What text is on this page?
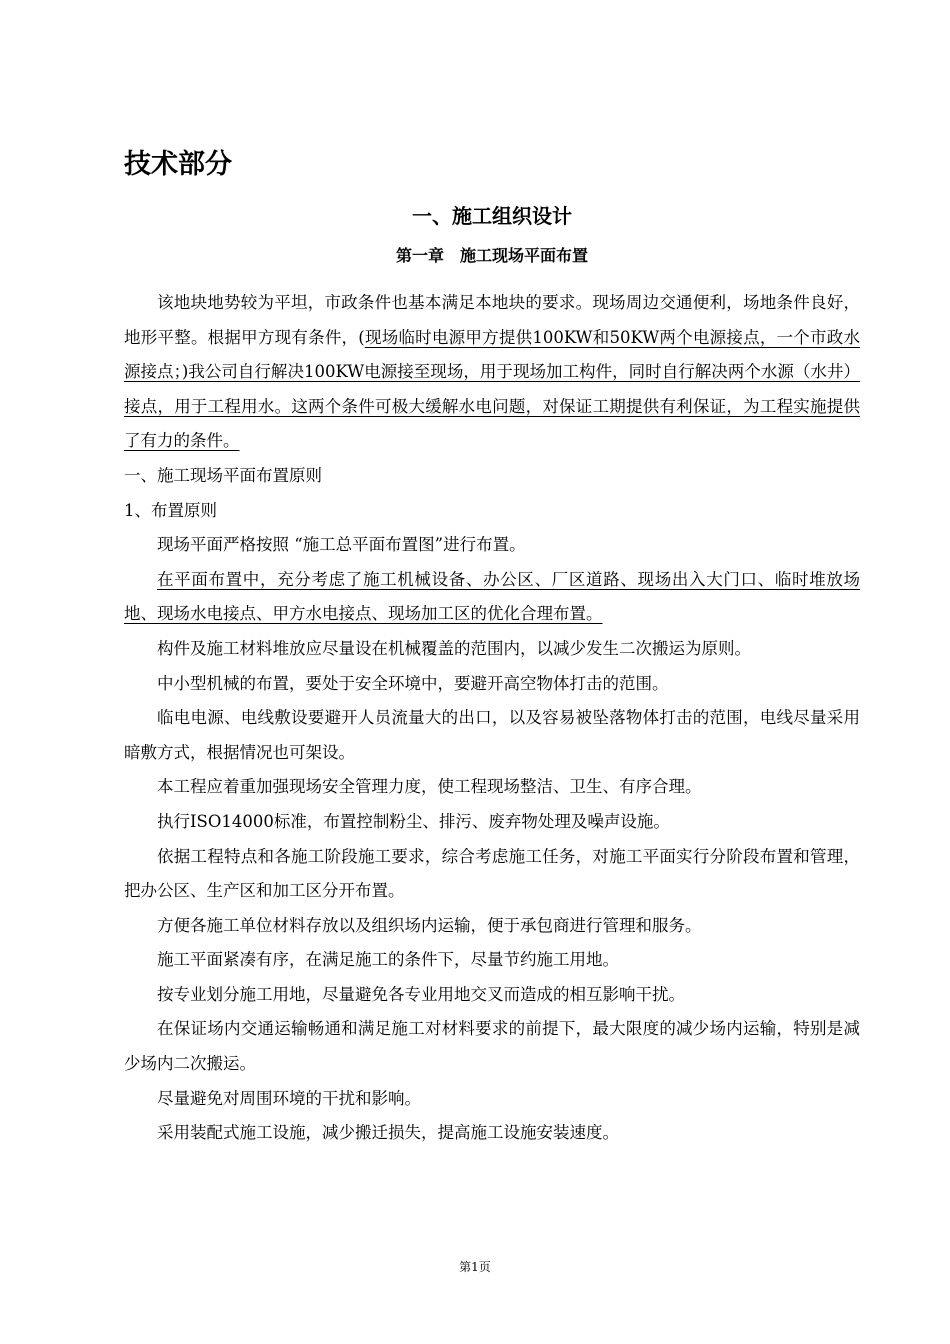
技术部分
一、施工组织设计
第一章　施工现场平面布置

该地块地势较为平坦，市政条件也基本满足本地块的要求。现场周边交通便利，场地条件良好，地形平整。根据甲方现有条件，(现场临时电源甲方提供100KW和50KW两个电源接点，一个市政水源接点；)我公司自行解决100KW电源接至现场，用于现场加工构件，同时自行解决两个水源（水井）接点，用于工程用水。这两个条件可极大缓解水电问题，对保证工期提供有利保证，为工程实施提供了有力的条件。

一、施工现场平面布置原则

1、布置原则

现场平面严格按照 “施工总平面布置图”进行布置。

在平面布置中，充分考虑了施工机械设备、办公区、厂区道路、现场出入大门口、临时堆放场地、现场水电接点、甲方水电接点、现场加工区的优化合理布置。

构件及施工材料堆放应尽量设在机械覆盖的范围内，以减少发生二次搬运为原则。

中小型机械的布置，要处于安全环境中，要避开高空物体打击的范围。

临电电源、电线敷设要避开人员流量大的出口，以及容易被坠落物体打击的范围，电线尽量采用暗敷方式，根据情况也可架设。

本工程应着重加强现场安全管理力度，使工程现场整洁、卫生、有序合理。

执行ISO14000标准，布置控制粉尘、排污、废弃物处理及噪声设施。

依据工程特点和各施工阶段施工要求，综合考虑施工任务，对施工平面实行分阶段布置和管理，把办公区、生产区和加工区分开布置。

方便各施工单位材料存放以及组织场内运输，便于承包商进行管理和服务。

施工平面紧凑有序，在满足施工的条件下，尽量节约施工用地。

按专业划分施工用地，尽量避免各专业用地交叉而造成的相互影响干扰。

在保证场内交通运输畅通和满足施工对材料要求的前提下，最大限度的减少场内运输，特别是减少场内二次搬运。

尽量避免对周围环境的干扰和影响。

采用装配式施工设施，减少搬迁损失，提高施工设施安装速度。

第1页
